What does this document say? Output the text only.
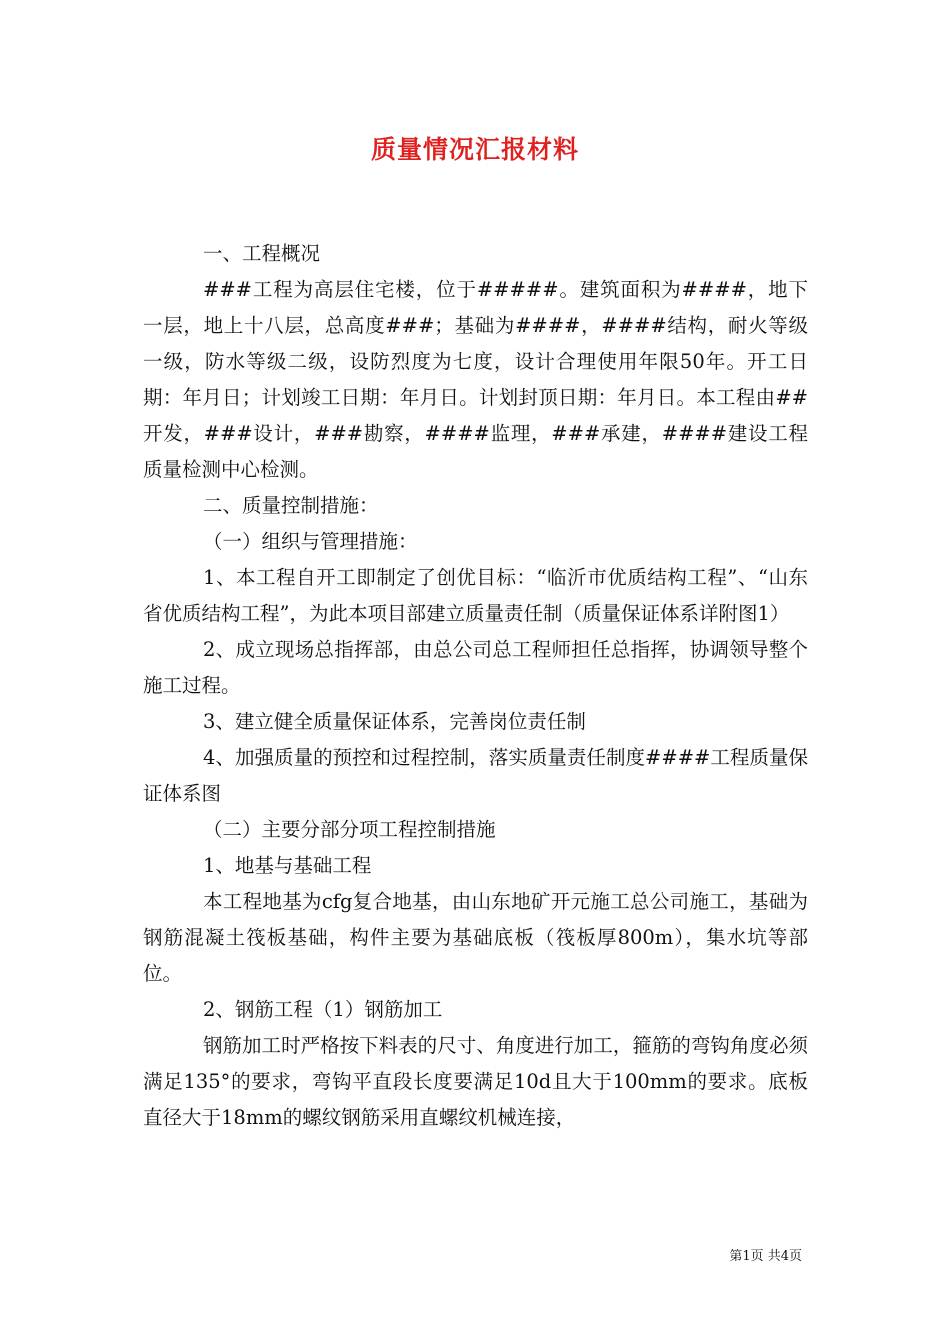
质量情况汇报材料

一、工程概况

###工程为高层住宅楼，位于#####。建筑面积为####，地下一层，地上十八层，总高度###；基础为####，####结构，耐火等级一级，防水等级二级，设防烈度为七度，设计合理使用年限50年。开工日期：年月日；计划竣工日期：年月日。计划封顶日期：年月日。本工程由##开发，###设计，###勘察，####监理，###承建，####建设工程质量检测中心检测。

二、质量控制措施：

（一）组织与管理措施：

1、本工程自开工即制定了创优目标：“临沂市优质结构工程”、“山东省优质结构工程”，为此本项目部建立质量责任制（质量保证体系详附图1）

2、成立现场总指挥部，由总公司总工程师担任总指挥，协调领导整个施工过程。

3、建立健全质量保证体系，完善岗位责任制

4、加强质量的预控和过程控制，落实质量责任制度####工程质量保证体系图

（二）主要分部分项工程控制措施

1、地基与基础工程

本工程地基为cfg复合地基，由山东地矿开元施工总公司施工，基础为钢筋混凝土筏板基础，构件主要为基础底板（筏板厚800m），集水坑等部位。

2、钢筋工程（1）钢筋加工

钢筋加工时严格按下料表的尺寸、角度进行加工，箍筋的弯钩角度必须满足135°的要求，弯钩平直段长度要满足10d且大于100mm的要求。底板直径大于18mm的螺纹钢筋采用直螺纹机械连接，

第1页 共4页
